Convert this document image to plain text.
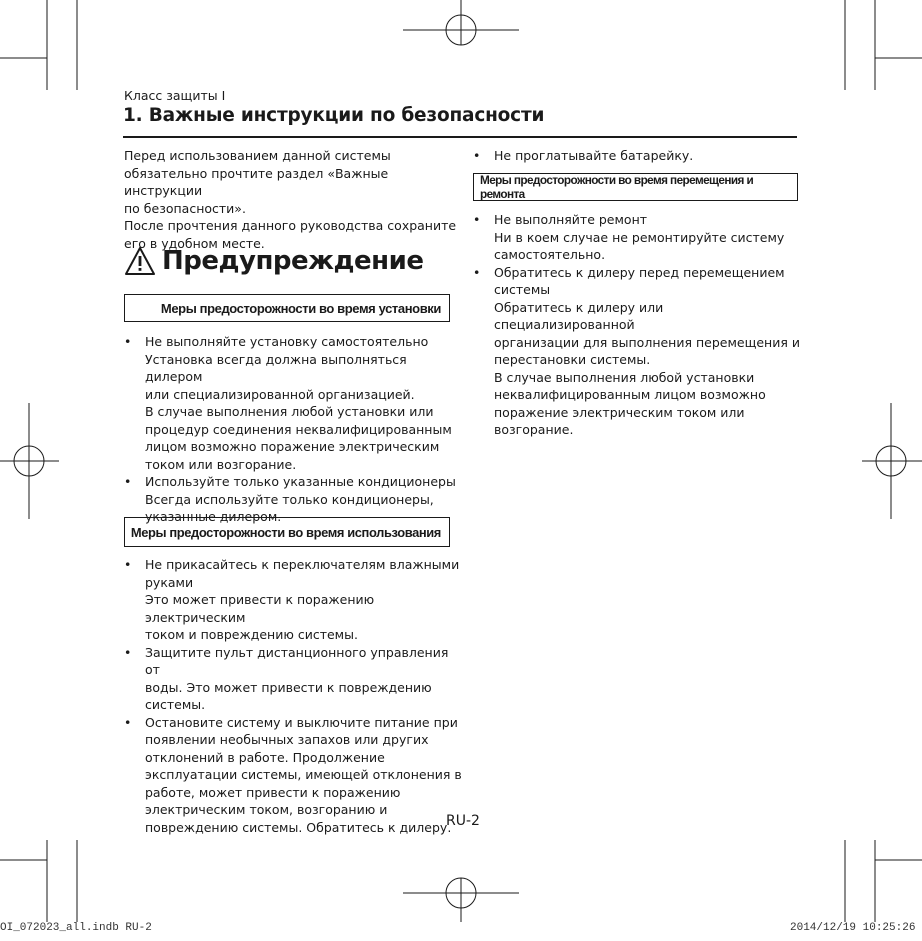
Класс защиты I
1. Важные инструкции по безопасности
Перед использованием данной системы
обязательно прочтите раздел «Важные инструкции
по безопасности».
После прочтения данного руководства сохраните
его в удобном месте.
Предупреждение
Меры предосторожности во время установки
• Не выполняйте установку самостоятельно
Установка всегда должна выполняться дилером
или специализированной организацией.
В случае выполнения любой установки или
процедур соединения неквалифицированным
лицом возможно поражение электрическим
током или возгорание.
• Используйте только указанные кондиционеры
Всегда используйте только кондиционеры,
указанные дилером.
Меры предосторожности во время использования
• Не прикасайтесь к переключателям влажными
руками
Это может привести к поражению электрическим
током и повреждению системы.
• Защитите пульт дистанционного управления от
воды. Это может привести к повреждению
системы.
• Остановите систему и выключите питание при
появлении необычных запахов или других
отклонений в работе. Продолжение
эксплуатации системы, имеющей отклонения в
работе, может привести к поражению
электрическим током, возгоранию и
повреждению системы. Обратитесь к дилеру.
• Не проглатывайте батарейку.
Меры предосторожности во время перемещения и ремонта
• Не выполняйте ремонт
Ни в коем случае не ремонтируйте систему
самостоятельно.
• Обратитесь к дилеру перед перемещением
системы
Обратитесь к дилеру или специализированной
организации для выполнения перемещения и
перестановки системы.
В случае выполнения любой установки
неквалифицированным лицом возможно
поражение электрическим током или
возгорание.
RU-2
OI_072023_all.indb RU-2	2014/12/19 10:25:26
